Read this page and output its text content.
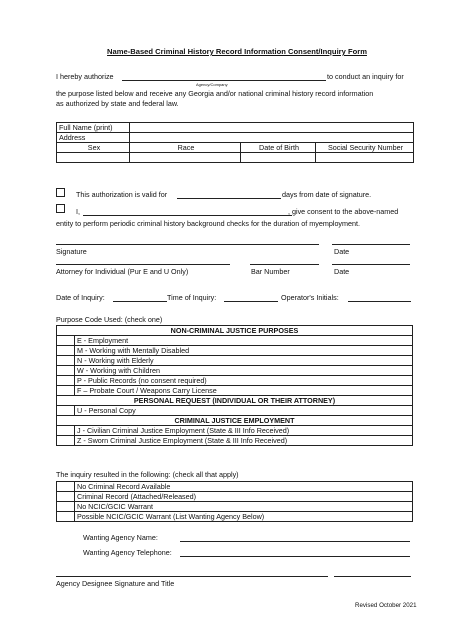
Name-Based Criminal History Record Information Consent/Inquiry Form
I hereby authorize	to conduct an inquiry for
Agency/Company
the purpose listed below and receive any Georgia and/or national criminal history record information
as authorized by state and federal law.
Full Name (print)			
Address			
Sex	Race	Date of Birth	Social Security Number

This authorization is valid for	days from date of signature.
I,	, give consent to the above-named
entity to perform periodic criminal history background checks for the duration of myemployment.
Signature	Date
Attorney for Individual (Pur E and U Only)	Bar Number	Date
Date of Inquiry:	Time of Inquiry:	Operator's Initials:
Purpose Code Used: (check one)
NON-CRIMINAL JUSTICE PURPOSES	
	E - Employment
	M - Working with Mentally Disabled
	N - Working with Elderly
	W - Working with Children
	P - Public Records (no consent required)
	F – Probate Court / Weapons Carry License
PERSONAL REQUEST (INDIVIDUAL OR THEIR ATTORNEY)	
	U - Personal Copy
CRIMINAL JUSTICE EMPLOYMENT	
	J - Civilian Criminal Justice Employment (State & III Info Received)
	Z - Sworn Criminal Justice Employment (State & III Info Received)
The inquiry resulted in the following: (check all that apply)
	No Criminal Record Available
	Criminal Record (Attached/Released)
	No NCIC/GCIC Warrant
	Possible NCIC/GCIC Warrant (List Wanting Agency Below)
Wanting Agency Name:
Wanting Agency Telephone:
Agency Designee Signature and Title
Revised October 2021
